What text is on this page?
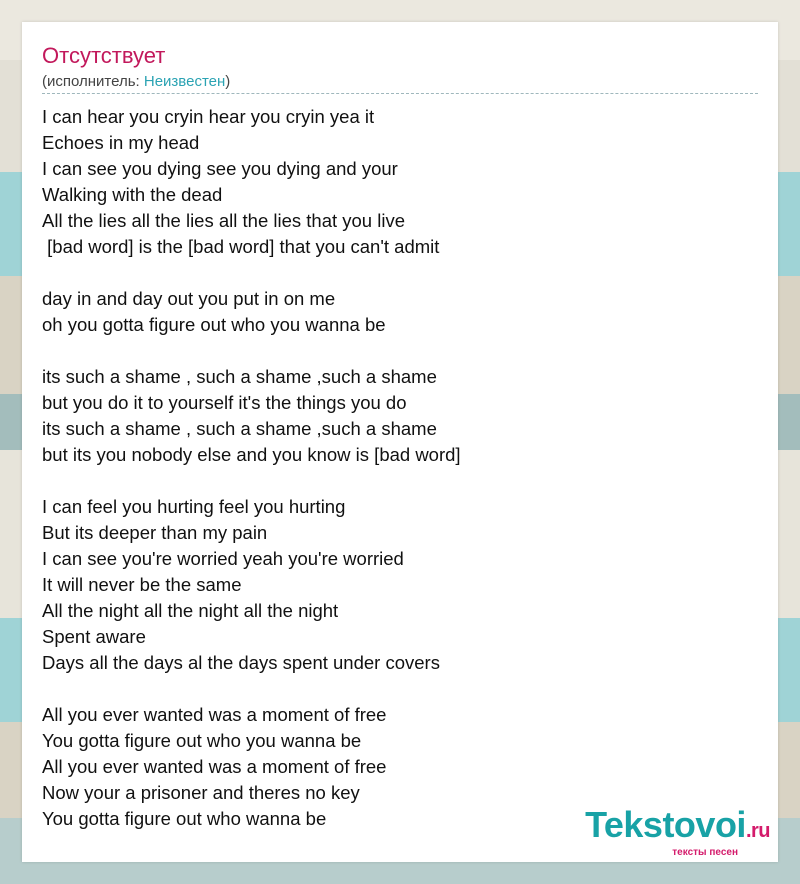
Отсутствует
(исполнитель: Неизвестен)
I can hear you cryin hear you cryin yea it
Echoes in my head
I can see you dying see you dying and your
Walking with the dead
All the lies all the lies all the lies that you live
[bad word] is the [bad word] that you can't admit
day in and day out you put in on me
oh you gotta figure out who you wanna be
its such a shame , such a shame ,such a shame
but you do it to yourself it's the things you do
its such a shame , such a shame ,such a shame
but its you nobody else and you know is [bad word]
I can feel you hurting feel you hurting
But its deeper than my pain
I can see you're worried yeah you're worried
It will never be the same
All the night all the night all the night
Spent aware
Days all the days al the days spent under covers
All you ever wanted was a moment of free
You gotta figure out who you wanna be
All you ever wanted was a moment of free
Now your a prisoner and theres no key
You gotta figure out who wanna be	Tekstovoi.ru
тексты песен
